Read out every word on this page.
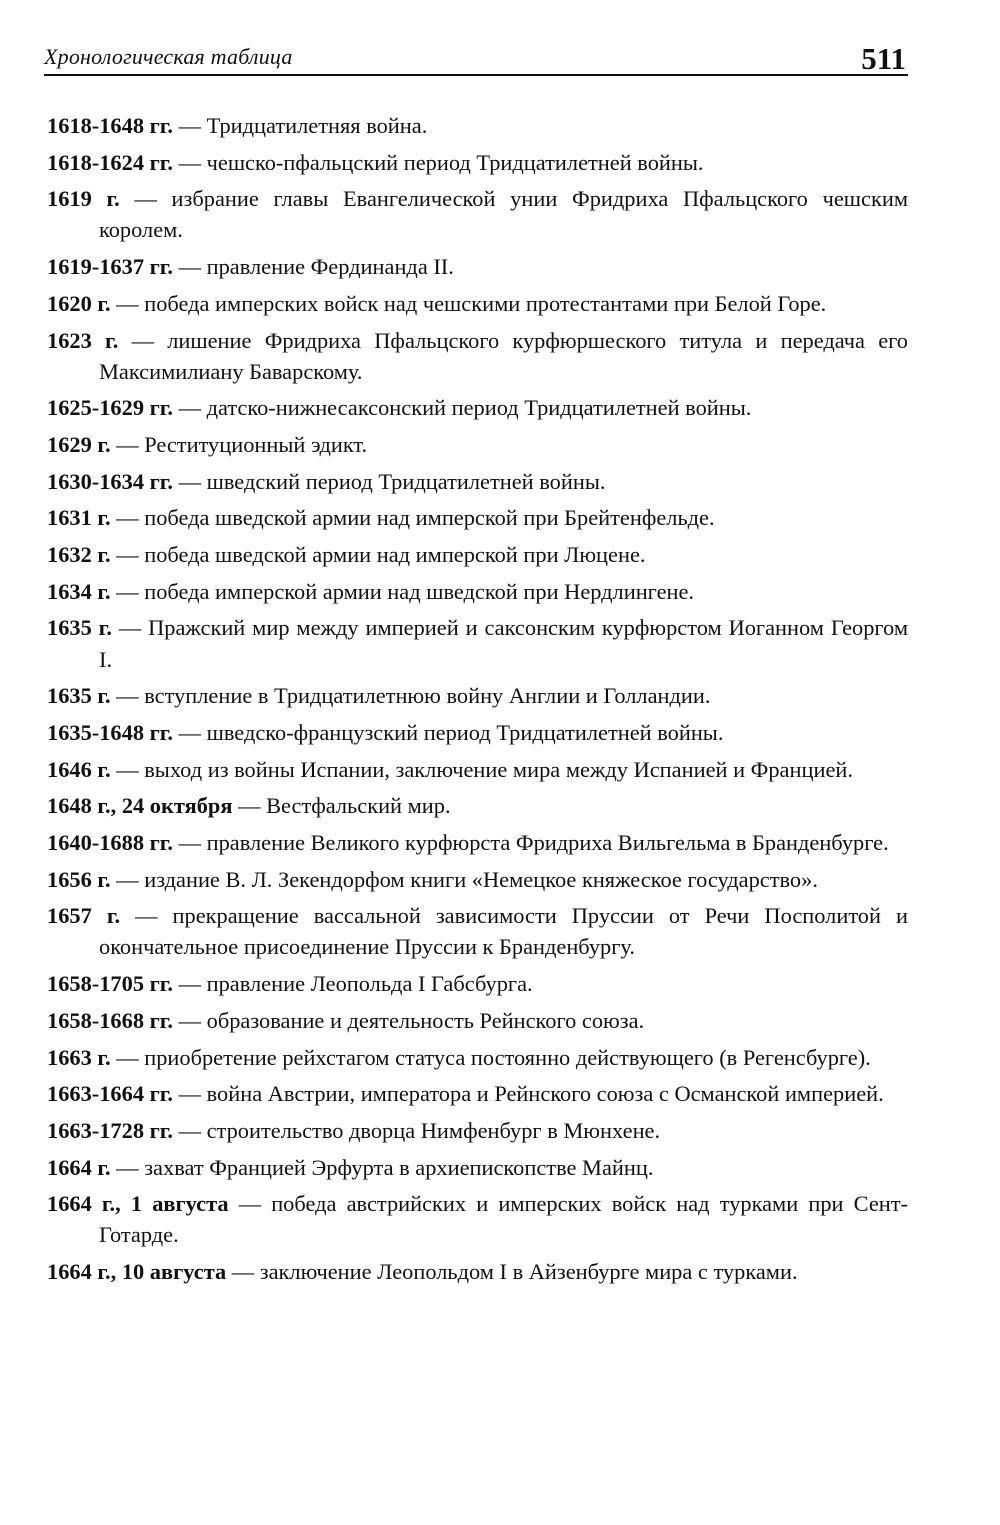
Хронологическая таблица	511
1618-1648 гг. — Тридцатилетняя война.
1618-1624 гг. — чешско-пфальцский период Тридцатилетней войны.
1619 г. — избрание главы Евангелической унии Фридриха Пфальцского чешским королем.
1619-1637 гг. — правление Фердинанда II.
1620 г. — победа имперских войск над чешскими протестантами при Белой Горе.
1623 г. — лишение Фридриха Пфальцского курфюршеского титула и передача его Максимилиану Баварскому.
1625-1629 гг. — датско-нижнесаксонский период Тридцатилетней войны.
1629 г. — Реституционный эдикт.
1630-1634 гг. — шведский период Тридцатилетней войны.
1631 г. — победа шведской армии над имперской при Брейтенфельде.
1632 г. — победа шведской армии над имперской при Люцене.
1634 г. — победа имперской армии над шведской при Нердлингене.
1635 г. — Пражский мир между империей и саксонским курфюрстом Иоганном Георгом I.
1635 г. — вступление в Тридцатилетнюю войну Англии и Голландии.
1635-1648 гг. — шведско-французский период Тридцатилетней войны.
1646 г. — выход из войны Испании, заключение мира между Испанией и Францией.
1648 г., 24 октября — Вестфальский мир.
1640-1688 гг. — правление Великого курфюрста Фридриха Вильгельма в Бранденбурге.
1656 г. — издание В. Л. Зекендорфом книги «Немецкое княжеское государство».
1657 г. — прекращение вассальной зависимости Пруссии от Речи Посполитой и окончательное присоединение Пруссии к Бранденбургу.
1658-1705 гг. — правление Леопольда I Габсбурга.
1658-1668 гг. — образование и деятельность Рейнского союза.
1663 г. — приобретение рейхстагом статуса постоянно действующего (в Регенсбурге).
1663-1664 гг. — война Австрии, императора и Рейнского союза с Османской империей.
1663-1728 гг. — строительство дворца Нимфенбург в Мюнхене.
1664 г. — захват Францией Эрфурта в архиепископстве Майнц.
1664 г., 1 августа — победа австрийских и имперских войск над турками при Сент-Готарде.
1664 г., 10 августа — заключение Леопольдом I в Айзенбурге мира с турками.
